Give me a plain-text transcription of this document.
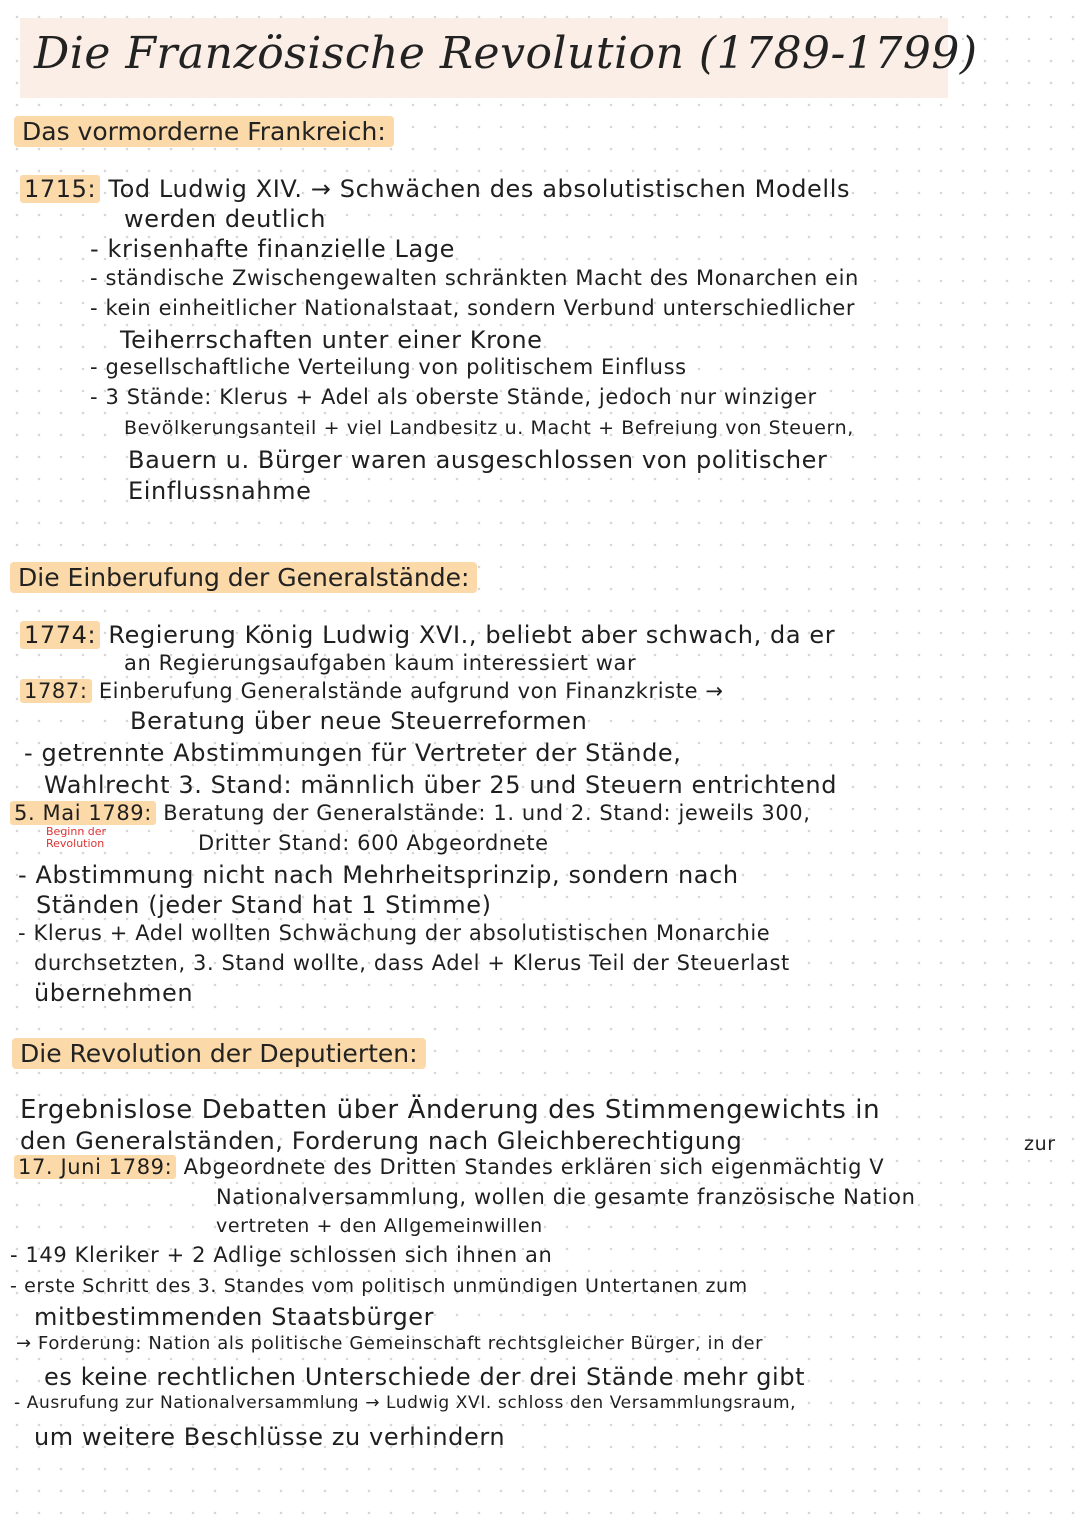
Die Französische Revolution (1789-1799)
Das vormorderne Frankreich:
1715: Tod Ludwig XIV. → Schwächen des absolutistischen Modells
werden deutlich
- krisenhafte finanzielle Lage
- ständische Zwischengewalten schränkten Macht des Monarchen ein
- kein einheitlicher Nationalstaat, sondern Verbund unterschiedlicher
Teiherrschaften unter einer Krone
- gesellschaftliche Verteilung von politischem Einfluss
- 3 Stände: Klerus + Adel als oberste Stände, jedoch nur winziger
Bevölkerungsanteil + viel Landbesitz u. Macht + Befreiung von Steuern,
Bauern u. Bürger waren ausgeschlossen von politischer
Einflussnahme
Die Einberufung der Generalstände:
1774: Regierung König Ludwig XVI., beliebt aber schwach, da er
an Regierungsaufgaben kaum interessiert war
1787: Einberufung Generalstände aufgrund von Finanzkriste →
Beratung über neue Steuerreformen
- getrennte Abstimmungen für Vertreter der Stände,
Wahlrecht 3. Stand: männlich über 25 und Steuern entrichtend
5. Mai 1789: Beratung der Generalstände: 1. und 2. Stand: jeweils 300,
Beginn der Revolution	Dritter Stand: 600 Abgeordnete
- Abstimmung nicht nach Mehrheitsprinzip, sondern nach
Ständen (jeder Stand hat 1 Stimme)
- Klerus + Adel wollten Schwächung der absolutistischen Monarchie
durchsetzten, 3. Stand wollte, dass Adel + Klerus Teil der Steuerlast
übernehmen
Die Revolution der Deputierten:
Ergebnislose Debatten über Änderung des Stimmengewichts in
den Generalständen, Forderung nach Gleichberechtigung	zur
17. Juni 1789: Abgeordnete des Dritten Standes erklären sich eigenmächtig V
Nationalversammlung, wollen die gesamte französische Nation
vertreten + den Allgemeinwillen
- 149 Kleriker + 2 Adlige schlossen sich ihnen an
- erste Schritt des 3. Standes vom politisch unmündigen Untertanen zum
mitbestimmenden Staatsbürger
→ Forderung: Nation als politische Gemeinschaft rechtsgleicher Bürger, in der
es keine rechtlichen Unterschiede der drei Stände mehr gibt
- Ausrufung zur Nationalversammlung → Ludwig XVI. schloss den Versammlungsraum,
um weitere Beschlüsse zu verhindern
